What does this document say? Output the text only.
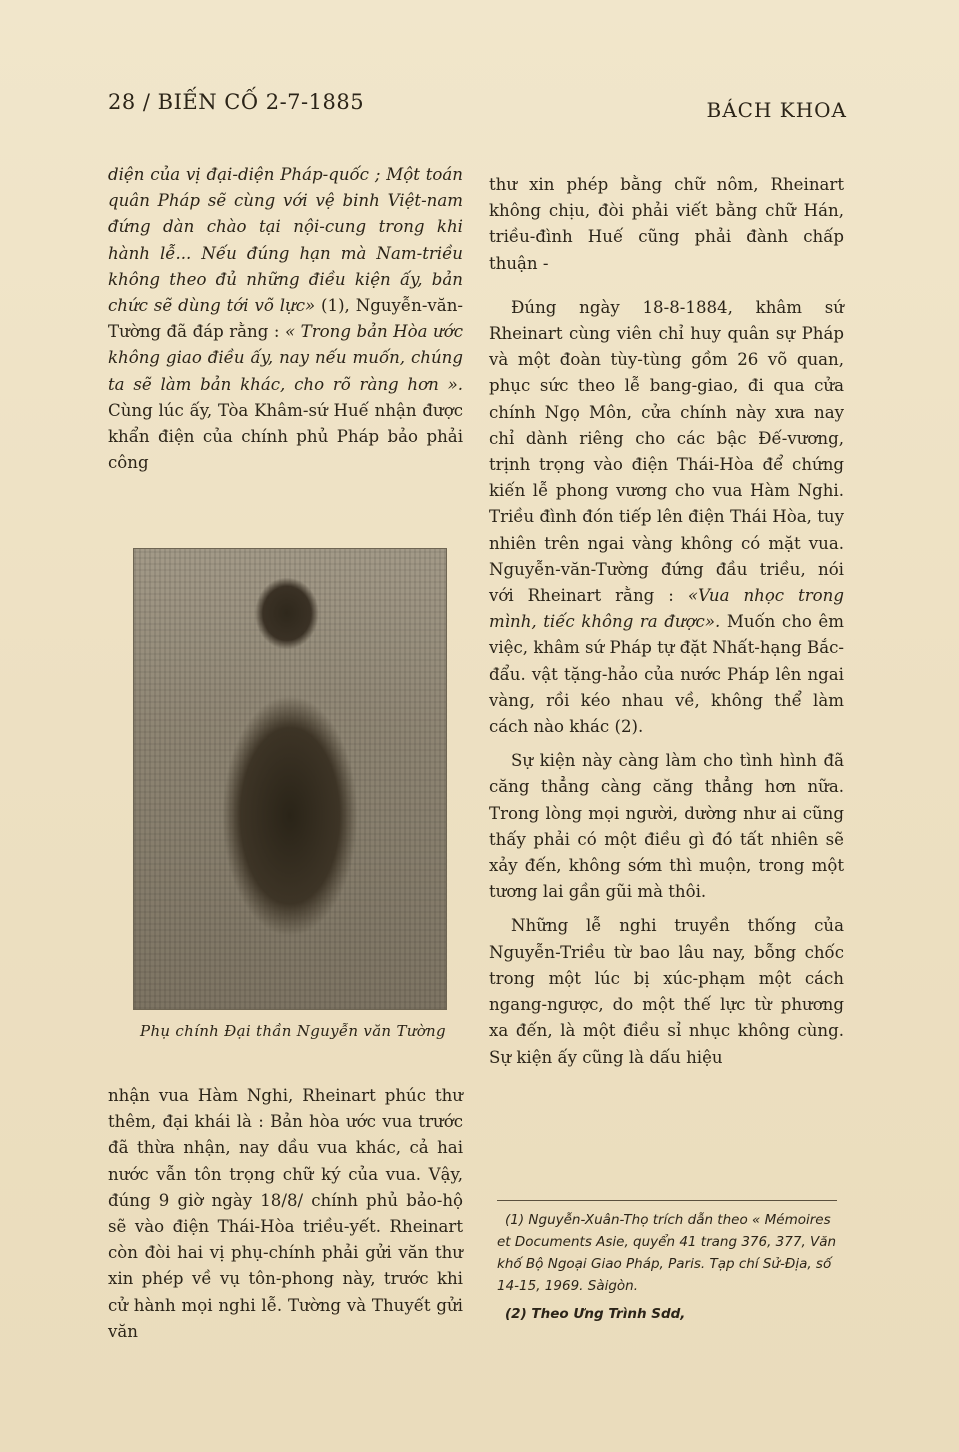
28 / BIẾN CỐ 2-7-1885	BÁCH KHOA

diện của vị đại-diện Pháp-quốc ; Một toán quân Pháp sẽ cùng với vệ binh Việt-nam đứng dàn chào tại nội-cung trong khi hành lễ... Nếu đúng hạn mà Nam-triều không theo đủ những điều kiện ấy, bản chức sẽ dùng tới võ lực» (1), Nguyễn-văn-Tường đã đáp rằng : « Trong bản Hòa ước không giao điều ấy, nay nếu muốn, chúng ta sẽ làm bản khác, cho rõ ràng hơn ». Cùng lúc ấy, Tòa Khâm-sứ Huế nhận được khẩn điện của chính phủ Pháp bảo phải công

Phụ chính Đại thần Nguyễn văn Tường

nhận vua Hàm Nghi, Rheinart phúc thư thêm, đại khái là : Bản hòa ước vua trước đã thừa nhận, nay dầu vua khác, cả hai nước vẫn tôn trọng chữ ký của vua. Vậy, đúng 9 giờ ngày 18/8/ chính phủ bảo-hộ sẽ vào điện Thái-Hòa triều-yết. Rheinart còn đòi hai vị phụ-chính phải gửi văn thư xin phép về vụ tôn-phong này, trước khi cử hành mọi nghi lễ. Tường và Thuyết gửi văn

thư xin phép bằng chữ nôm, Rheinart không chịu, đòi phải viết bằng chữ Hán, triều-đình Huế cũng phải đành chấp thuận -

Đúng ngày 18-8-1884, khâm sứ Rheinart cùng viên chỉ huy quân sự Pháp và một đoàn tùy-tùng gồm 26 võ quan, phục sức theo lễ bang-giao, đi qua cửa chính Ngọ Môn, cửa chính này xưa nay chỉ dành riêng cho các bậc Đế-vương, trịnh trọng vào điện Thái-Hòa để chứng kiến lễ phong vương cho vua Hàm Nghi. Triều đình đón tiếp lên điện Thái Hòa, tuy nhiên trên ngai vàng không có mặt vua. Nguyễn-văn-Tường đứng đầu triều, nói với Rheinart rằng : «Vua nhọc trong mình, tiếc không ra được». Muốn cho êm việc, khâm sứ Pháp tự đặt Nhất-hạng Bắc-đẩu. vật tặng-hảo của nước Pháp lên ngai vàng, rồi kéo nhau về, không thể làm cách nào khác (2).

Sự kiện này càng làm cho tình hình đã căng thẳng càng căng thẳng hơn nữa. Trong lòng mọi người, dường như ai cũng thấy phải có một điều gì đó tất nhiên sẽ xảy đến, không sớm thì muộn, trong một tương lai gần gũi mà thôi.

Những lễ nghi truyền thống của Nguyễn-Triều từ bao lâu nay, bỗng chốc trong một lúc bị xúc-phạm một cách ngang-ngược, do một thế lực từ phương xa đến, là một điều sỉ nhục không cùng. Sự kiện ấy cũng là dấu hiệu

(1) Nguyễn-Xuân-Thọ trích dẫn theo « Mémoires et Documents Asie, quyển 41 trang 376, 377, Văn khố Bộ Ngoại Giao Pháp, Paris. Tạp chí Sử-Địa, số 14-15, 1969. Sàigòn.

(2) Theo Ưng Trình Sdd,
